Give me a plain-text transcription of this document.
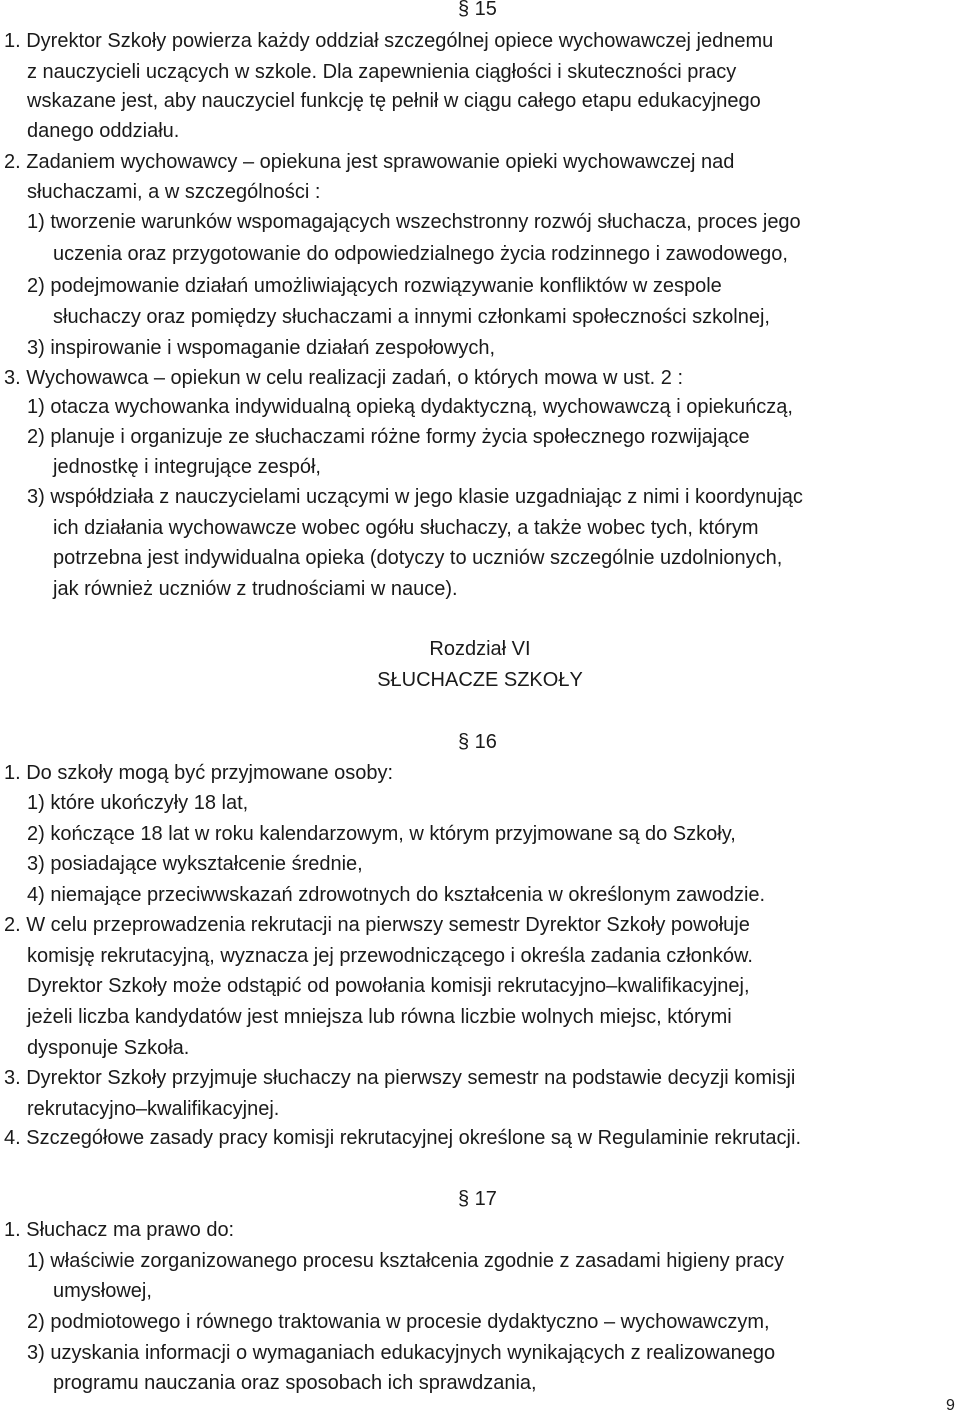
§ 15
1. Dyrektor Szkoły powierza każdy oddział szczególnej opiece wychowawczej jednemu
z nauczycieli uczących w szkole. Dla zapewnienia ciągłości i skuteczności pracy
wskazane jest, aby nauczyciel funkcję tę pełnił w ciągu całego etapu edukacyjnego
danego oddziału.
2. Zadaniem wychowawcy – opiekuna jest sprawowanie opieki wychowawczej nad
słuchaczami, a w szczególności :
1) tworzenie warunków wspomagających wszechstronny rozwój słuchacza, proces jego
uczenia oraz przygotowanie do odpowiedzialnego życia rodzinnego i zawodowego,
2) podejmowanie działań umożliwiających rozwiązywanie konfliktów w zespole
słuchaczy oraz pomiędzy słuchaczami a innymi członkami społeczności szkolnej,
3) inspirowanie i wspomaganie działań zespołowych,
3. Wychowawca – opiekun w celu realizacji zadań, o których mowa w ust. 2 :
1) otacza wychowanka indywidualną opieką dydaktyczną, wychowawczą i opiekuńczą,
2) planuje i organizuje ze słuchaczami różne formy życia społecznego rozwijające
jednostkę i integrujące zespół,
3) współdziała z nauczycielami uczącymi w jego klasie uzgadniając z nimi i koordynując
ich działania wychowawcze wobec ogółu słuchaczy, a także wobec tych, którym
potrzebna jest indywidualna opieka (dotyczy to uczniów szczególnie uzdolnionych,
jak również uczniów z trudnościami w nauce).
Rozdział VI
SŁUCHACZE SZKOŁY
§ 16
1. Do szkoły mogą być przyjmowane osoby:
1) które ukończyły 18 lat,
2) kończące 18 lat w roku kalendarzowym, w którym przyjmowane są do Szkoły,
3) posiadające wykształcenie średnie,
4) niemające przeciwwskazań zdrowotnych do kształcenia w określonym zawodzie.
2. W celu przeprowadzenia rekrutacji na pierwszy semestr Dyrektor Szkoły powołuje
komisję rekrutacyjną, wyznacza jej przewodniczącego i określa zadania członków.
Dyrektor Szkoły może odstąpić od powołania komisji rekrutacyjno–kwalifikacyjnej,
jeżeli liczba kandydatów jest mniejsza lub równa liczbie wolnych miejsc, którymi
dysponuje Szkoła.
3. Dyrektor Szkoły przyjmuje słuchaczy na pierwszy semestr na podstawie decyzji komisji
rekrutacyjno–kwalifikacyjnej.
4. Szczegółowe zasady pracy komisji rekrutacyjnej określone są w Regulaminie rekrutacji.
§ 17
1. Słuchacz ma prawo do:
1) właściwie zorganizowanego procesu kształcenia zgodnie z zasadami higieny pracy
umysłowej,
2) podmiotowego i równego traktowania w procesie dydaktyczno – wychowawczym,
3) uzyskania informacji o wymaganiach edukacyjnych wynikających z realizowanego
programu nauczania oraz sposobach ich sprawdzania,
9
